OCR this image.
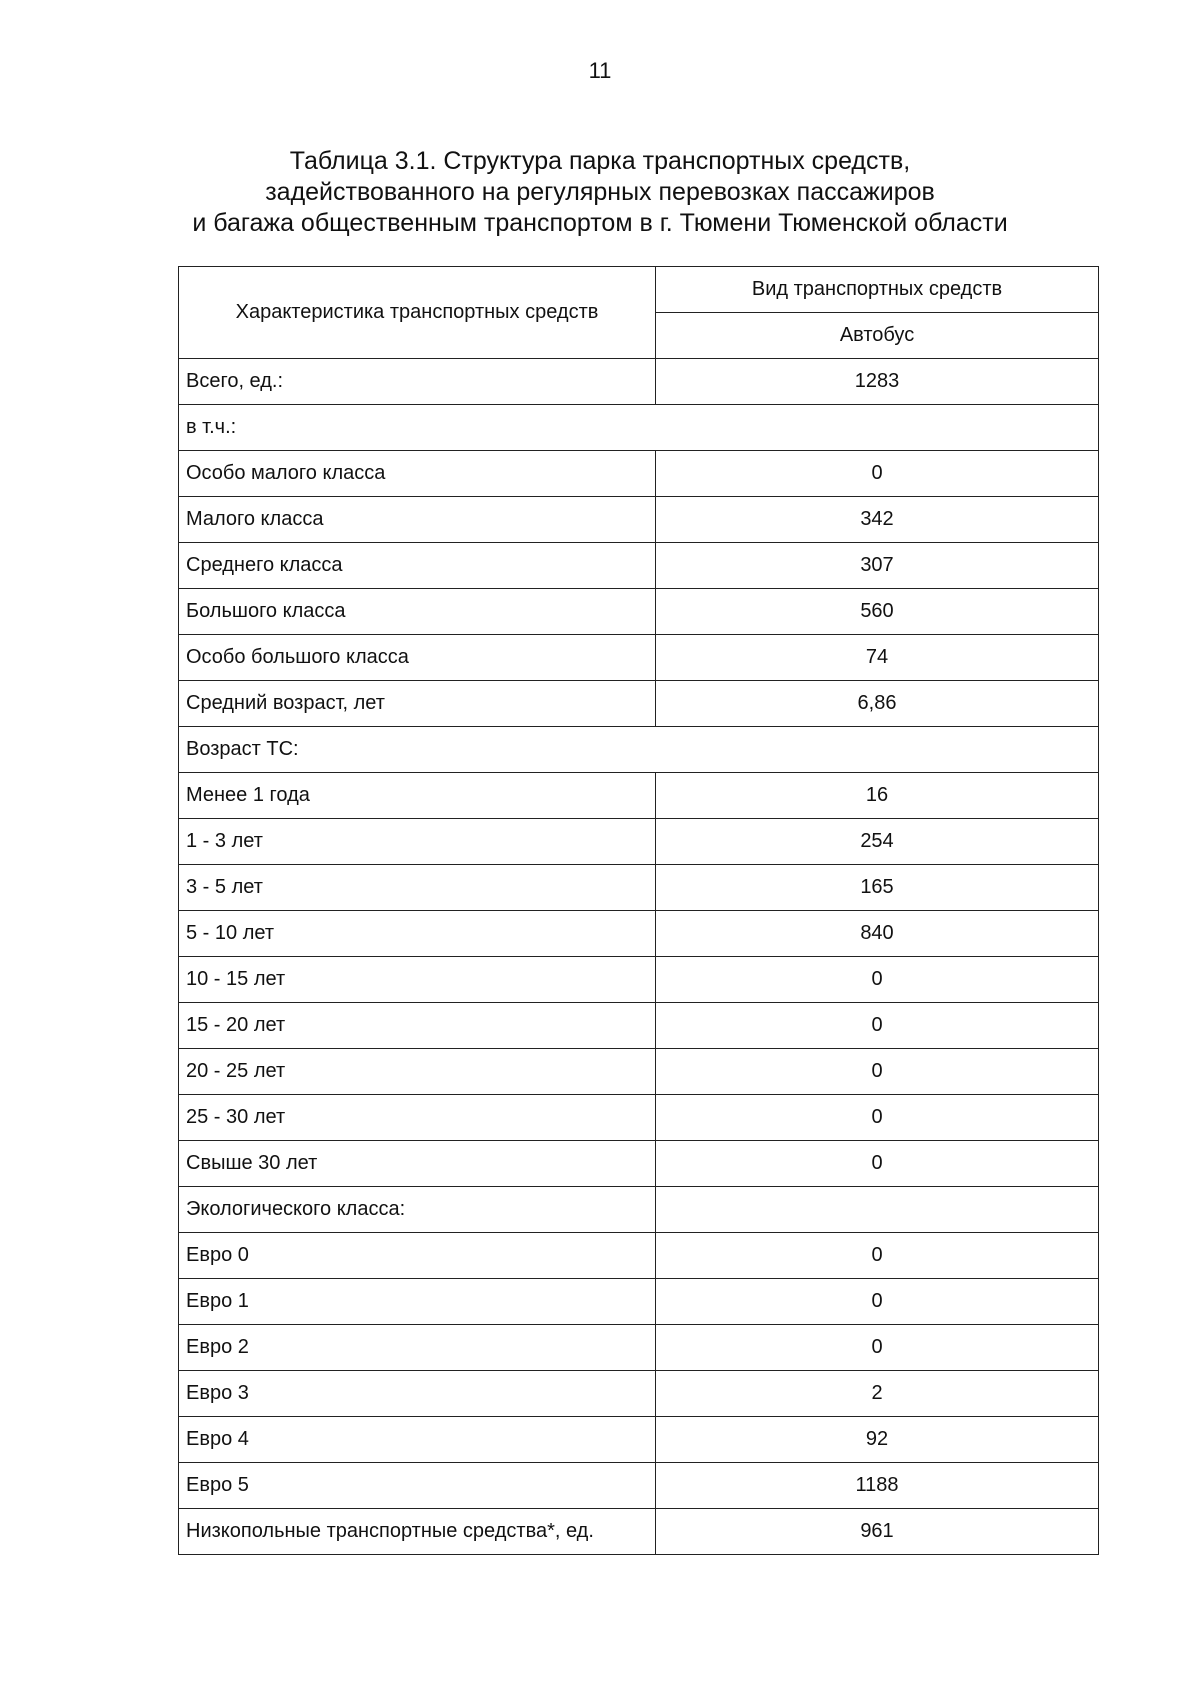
11
Таблица 3.1. Структура парка транспортных средств,
задействованного на регулярных перевозках пассажиров
и багажа общественным транспортом в г. Тюмени Тюменской области
Характеристика транспортных средств	Вид транспортных средств
	Автобус
Всего, ед.:	1283
в т.ч.:	
Особо малого класса	0
Малого класса	342
Среднего класса	307
Большого класса	560
Особо большого класса	74
Средний возраст, лет	6,86
Возраст ТС:	
Менее 1 года	16
1 - 3 лет	254
3 - 5 лет	165
5 - 10 лет	840
10 - 15 лет	0
15 - 20 лет	0
20 - 25 лет	0
25 - 30 лет	0
Свыше 30 лет	0
Экологического класса:	
Евро 0	0
Евро 1	0
Евро 2	0
Евро 3	2
Евро 4	92
Евро 5	1188
Низкопольные транспортные средства*, ед.	961
